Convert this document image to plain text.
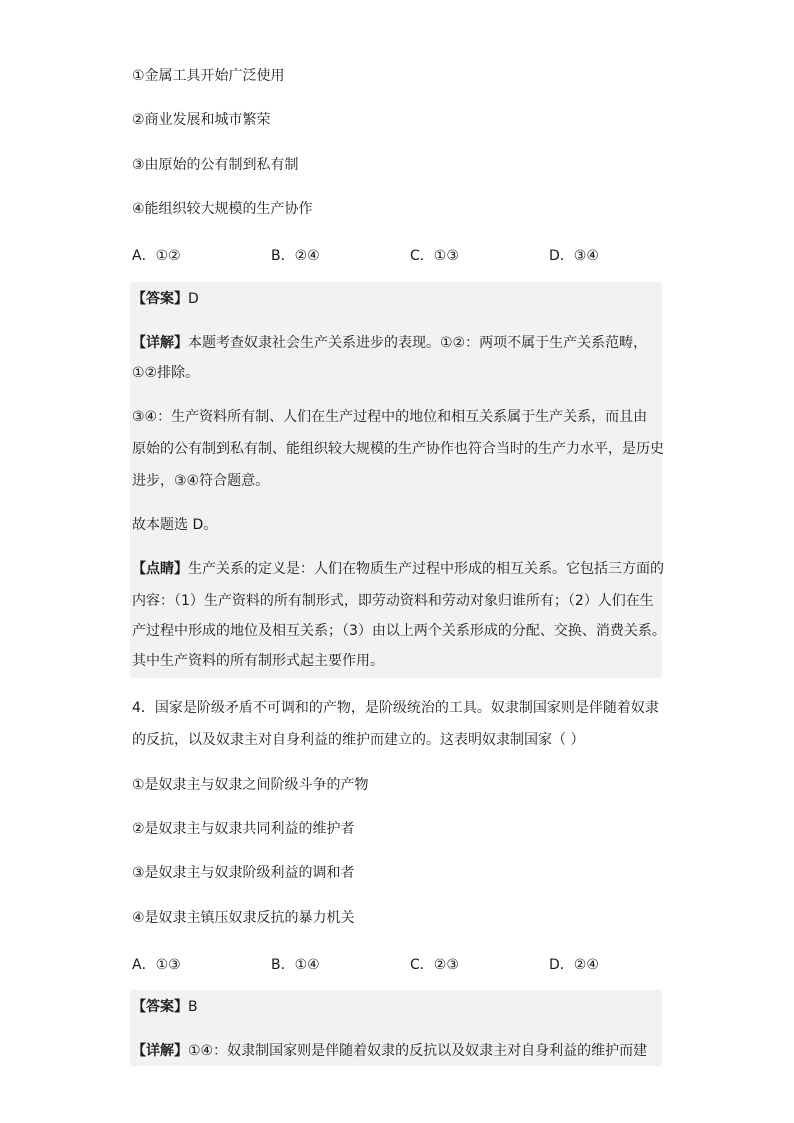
①金属工具开始广泛使用
②商业发展和城市繁荣
③由原始的公有制到私有制
④能组织较大规模的生产协作
A．①②	B．②④	C．①③	D．③④
【答案】D
【详解】本题考查奴隶社会生产关系进步的表现。①②：两项不属于生产关系范畴，
①②排除。
③④：生产资料所有制、人们在生产过程中的地位和相互关系属于生产关系，而且由
原始的公有制到私有制、能组织较大规模的生产协作也符合当时的生产力水平，是历史
进步，③④符合题意。
故本题选 D。
【点睛】生产关系的定义是：人们在物质生产过程中形成的相互关系。它包括三方面的
内容：（1）生产资料的所有制形式，即劳动资料和劳动对象归谁所有；（2）人们在生
产过程中形成的地位及相互关系；（3）由以上两个关系形成的分配、交换、消费关系。
其中生产资料的所有制形式起主要作用。
4．国家是阶级矛盾不可调和的产物，是阶级统治的工具。奴隶制国家则是伴随着奴隶
的反抗，以及奴隶主对自身利益的维护而建立的。这表明奴隶制国家（ ）
①是奴隶主与奴隶之间阶级斗争的产物
②是奴隶主与奴隶共同利益的维护者
③是奴隶主与奴隶阶级利益的调和者
④是奴隶主镇压奴隶反抗的暴力机关
A．①③	B．①④	C．②③	D．②④
【答案】B
【详解】①④：奴隶制国家则是伴随着奴隶的反抗以及奴隶主对自身利益的维护而建
